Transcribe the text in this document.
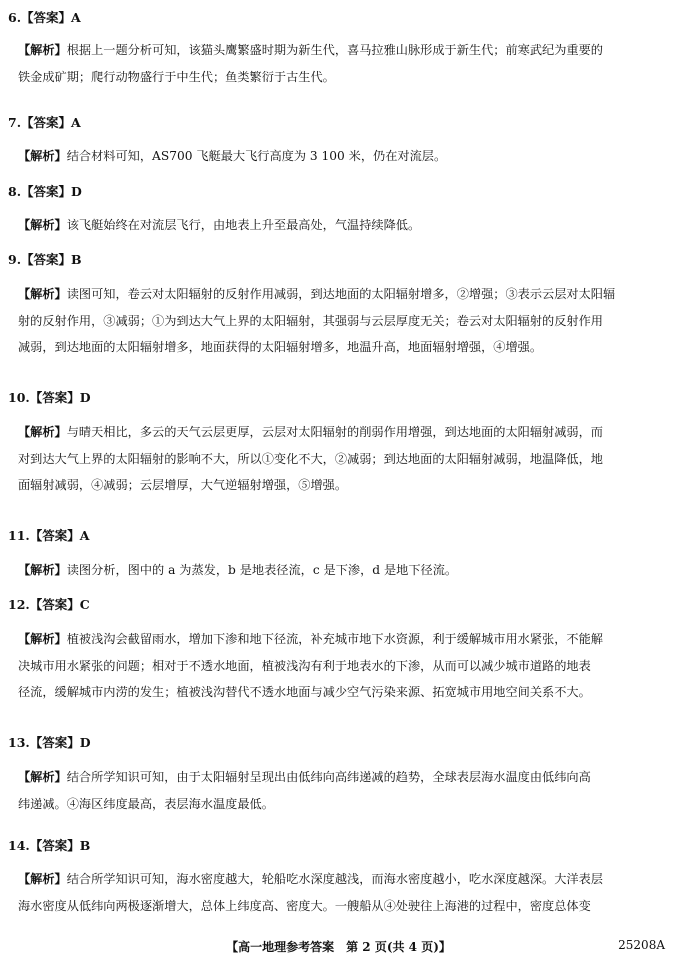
6.【答案】A
【解析】根据上一题分析可知，该猫头鹰繁盛时期为新生代，喜马拉雅山脉形成于新生代；前寒武纪为重要的
铁金成矿期；爬行动物盛行于中生代；鱼类繁衍于古生代。
7.【答案】A
【解析】结合材料可知，AS700 飞艇最大飞行高度为 3 100 米，仍在对流层。
8.【答案】D
【解析】该飞艇始终在对流层飞行，由地表上升至最高处，气温持续降低。
9.【答案】B
【解析】读图可知，卷云对太阳辐射的反射作用减弱，到达地面的太阳辐射增多，②增强；③表示云层对太阳辐
射的反射作用，③减弱；①为到达大气上界的太阳辐射，其强弱与云层厚度无关；卷云对太阳辐射的反射作用
减弱，到达地面的太阳辐射增多，地面获得的太阳辐射增多，地温升高，地面辐射增强，④增强。
10.【答案】D
【解析】与晴天相比，多云的天气云层更厚，云层对太阳辐射的削弱作用增强，到达地面的太阳辐射减弱，而
对到达大气上界的太阳辐射的影响不大，所以①变化不大，②减弱；到达地面的太阳辐射减弱，地温降低，地
面辐射减弱，④减弱；云层增厚，大气逆辐射增强，⑤增强。
11.【答案】A
【解析】读图分析，图中的 a 为蒸发，b 是地表径流，c 是下渗，d 是地下径流。
12.【答案】C
【解析】植被浅沟会截留雨水，增加下渗和地下径流，补充城市地下水资源，利于缓解城市用水紧张，不能解
决城市用水紧张的问题；相对于不透水地面，植被浅沟有利于地表水的下渗，从而可以减少城市道路的地表
径流，缓解城市内涝的发生；植被浅沟替代不透水地面与减少空气污染来源、拓宽城市用地空间关系不大。
13.【答案】D
【解析】结合所学知识可知，由于太阳辐射呈现出由低纬向高纬递减的趋势，全球表层海水温度由低纬向高
纬递减。④海区纬度最高，表层海水温度最低。
14.【答案】B
【解析】结合所学知识可知，海水密度越大，轮船吃水深度越浅，而海水密度越小，吃水深度越深。大洋表层
海水密度从低纬向两极逐渐增大，总体上纬度高、密度大。一艘船从④处驶往上海港的过程中，密度总体变
【高一地理参考答案　第 2 页(共 4 页)】	25208A
